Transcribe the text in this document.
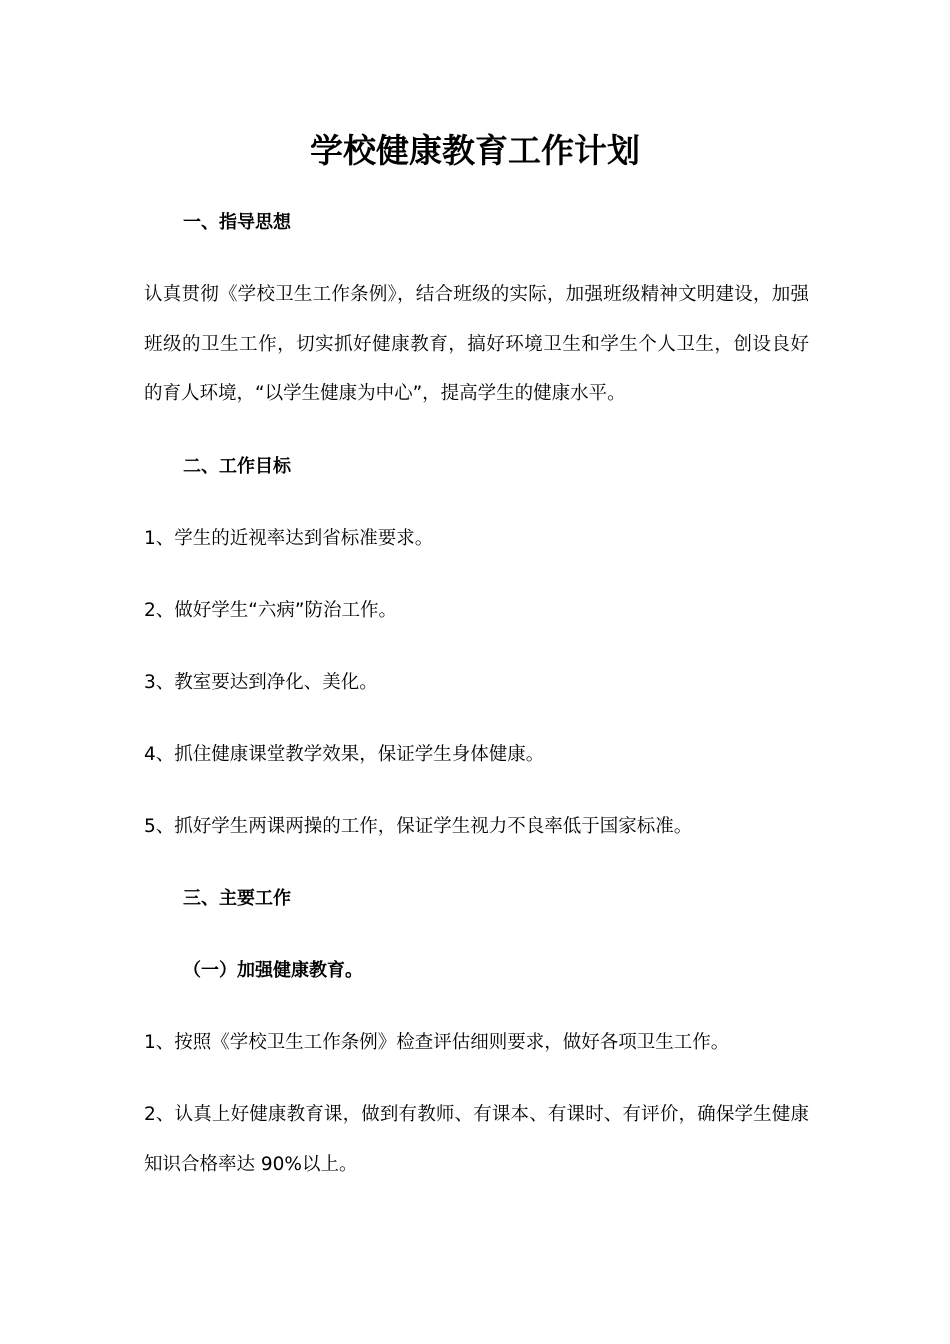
学校健康教育工作计划
一、指导思想
认真贯彻《学校卫生工作条例》，结合班级的实际，加强班级精神文明建设，加强班级的卫生工作，切实抓好健康教育，搞好环境卫生和学生个人卫生，创设良好的育人环境，“以学生健康为中心”，提高学生的健康水平。
二、工作目标
1、学生的近视率达到省标准要求。
2、做好学生“六病”防治工作。
3、教室要达到净化、美化。
4、抓住健康课堂教学效果，保证学生身体健康。
5、抓好学生两课两操的工作，保证学生视力不良率低于国家标准。
三、主要工作
（一）加强健康教育。
1、按照《学校卫生工作条例》检查评估细则要求，做好各项卫生工作。
2、认真上好健康教育课，做到有教师、有课本、有课时、有评价，确保学生健康知识合格率达 90%以上。
